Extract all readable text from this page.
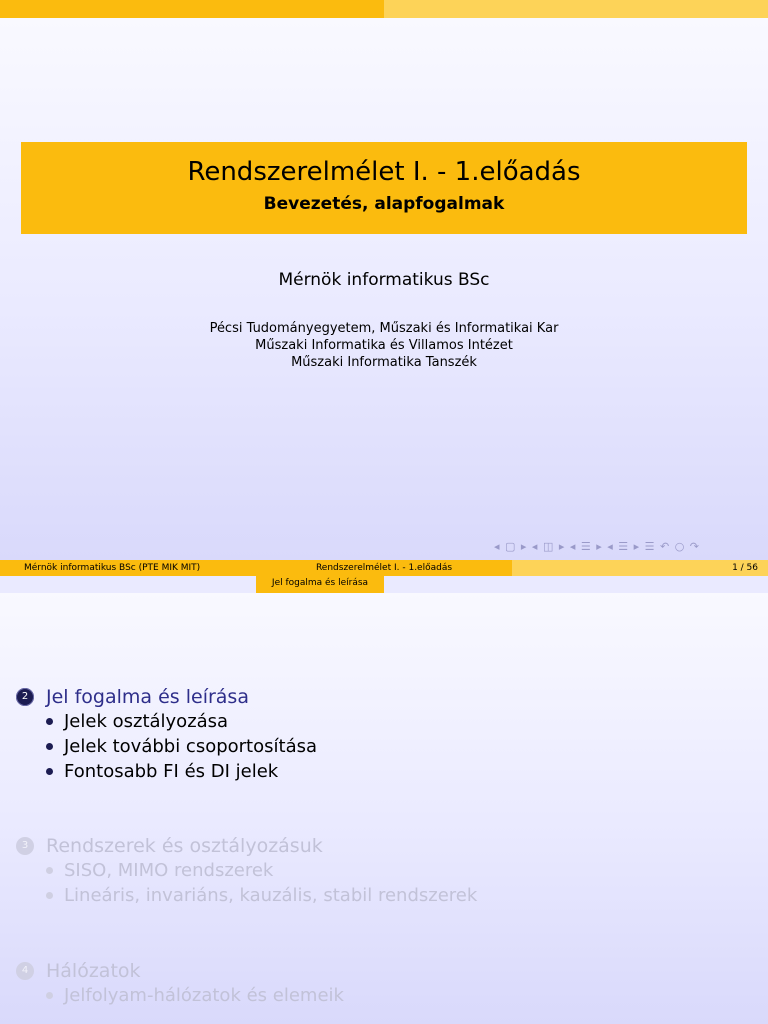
Rendszerelmélet I. - 1.előadás
Bevezetés, alapfogalmak
Mérnök informatikus BSc
Pécsi Tudományegyetem, Műszaki és Informatikai Kar
Műszaki Informatika és Villamos Intézet
Műszaki Informatika Tanszék
◂ ▢ ▸ ◂ ◫ ▸ ◂ ☰ ▸ ◂ ☰ ▸ ☰ ↶ ○ ↷
Mérnök informatikus BSc (PTE MIK MIT)	Rendszerelmélet I. - 1.előadás	1 / 56
Jel fogalma és leírása
2 Jel fogalma és leírása
Jelek osztályozása
Jelek további csoportosítása
Fontosabb FI és DI jelek
3 Rendszerek és osztályozásuk
SISO, MIMO rendszerek
Lineáris, invariáns, kauzális, stabil rendszerek
4 Hálózatok
Jelfolyam-hálózatok és elemeik
